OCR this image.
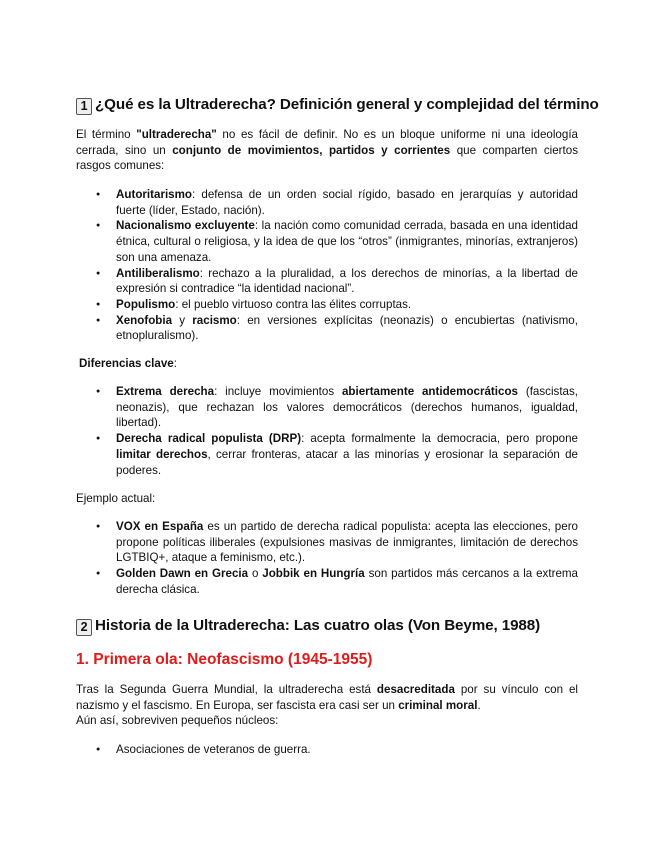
1 ¿Qué es la Ultraderecha? Definición general y complejidad del término

El término "ultraderecha" no es fácil de definir. No es un bloque uniforme ni una ideología cerrada, sino un conjunto de movimientos, partidos y corrientes que comparten ciertos rasgos comunes:

● Autoritarismo: defensa de un orden social rígido, basado en jerarquías y autoridad fuerte (líder, Estado, nación).
● Nacionalismo excluyente: la nación como comunidad cerrada, basada en una identidad étnica, cultural o religiosa, y la idea de que los “otros” (inmigrantes, minorías, extranjeros) son una amenaza.
● Antiliberalismo: rechazo a la pluralidad, a los derechos de minorías, a la libertad de expresión si contradice “la identidad nacional”.
● Populismo: el pueblo virtuoso contra las élites corruptas.
● Xenofobia y racismo: en versiones explícitas (neonazis) o encubiertas (nativismo, etnopluralismo).

Diferencias clave:

● Extrema derecha: incluye movimientos abiertamente antidemocráticos (fascistas, neonazis), que rechazan los valores democráticos (derechos humanos, igualdad, libertad).
● Derecha radical populista (DRP): acepta formalmente la democracia, pero propone limitar derechos, cerrar fronteras, atacar a las minorías y erosionar la separación de poderes.

Ejemplo actual:

● VOX en España es un partido de derecha radical populista: acepta las elecciones, pero propone políticas iliberales (expulsiones masivas de inmigrantes, limitación de derechos LGTBIQ+, ataque a feminismo, etc.).
● Golden Dawn en Grecia o Jobbik en Hungría son partidos más cercanos a la extrema derecha clásica.
2 Historia de la Ultraderecha: Las cuatro olas (Von Beyme, 1988)
1. Primera ola: Neofascismo (1945-1955)

Tras la Segunda Guerra Mundial, la ultraderecha está desacreditada por su vínculo con el nazismo y el fascismo. En Europa, ser fascista era casi ser un criminal moral.
Aún así, sobreviven pequeños núcleos:

● Asociaciones de veteranos de guerra.
